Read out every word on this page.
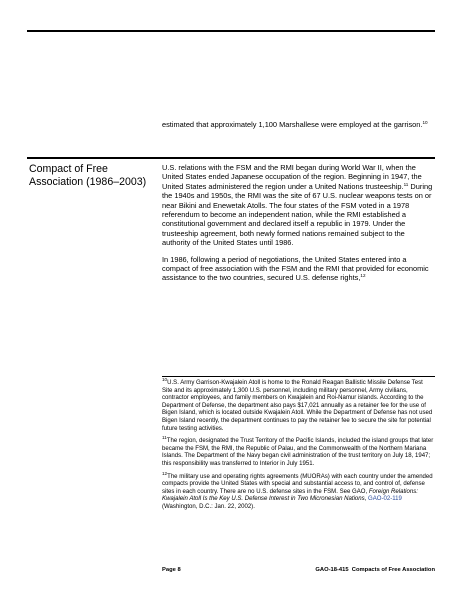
estimated that approximately 1,100 Marshallese were employed at the garrison.$^{10}$
Compact of Free Association (1986–2003)

U.S. relations with the FSM and the RMI began during World War II, when the United States ended Japanese occupation of the region. Beginning in 1947, the United States administered the region under a United Nations trusteeship.$^{11}$ During the 1940s and 1950s, the RMI was the site of 67 U.S. nuclear weapons tests on or near Bikini and Enewetak Atolls. The four states of the FSM voted in a 1978 referendum to become an independent nation, while the RMI established a constitutional government and declared itself a republic in 1979. Under the trusteeship agreement, both newly formed nations remained subject to the authority of the United States until 1986.

In 1986, following a period of negotiations, the United States entered into a compact of free association with the FSM and the RMI that provided for economic assistance to the two countries, secured U.S. defense rights,$^{12}$

$^{10}$U.S. Army Garrison-Kwajalein Atoll is home to the Ronald Reagan Ballistic Missile Defense Test Site and its approximately 1,300 U.S. personnel, including military personnel, Army civilians, contractor employees, and family members on Kwajalein and Roi-Namur islands. According to the Department of Defense, the department also pays $17,021 annually as a retainer fee for the use of Bigen Island, which is located outside Kwajalein Atoll. While the Department of Defense has not used Bigen Island recently, the department continues to pay the retainer fee to secure the site for potential future testing activities.

$^{11}$The region, designated the Trust Territory of the Pacific Islands, included the island groups that later became the FSM, the RMI, the Republic of Palau, and the Commonwealth of the Northern Mariana Islands. The Department of the Navy began civil administration of the trust territory on July 18, 1947; this responsibility was transferred to Interior in July 1951.

$^{12}$The military use and operating rights agreements (MUORAs) with each country under the amended compacts provide the United States with special and substantial access to, and control of, defense sites in each country. There are no U.S. defense sites in the FSM. See GAO, Foreign Relations: Kwajalein Atoll Is the Key U.S. Defense Interest in Two Micronesian Nations, GAO-02-119 (Washington, D.C.: Jan. 22, 2002).

Page 8	GAO-18-415  Compacts of Free Association
